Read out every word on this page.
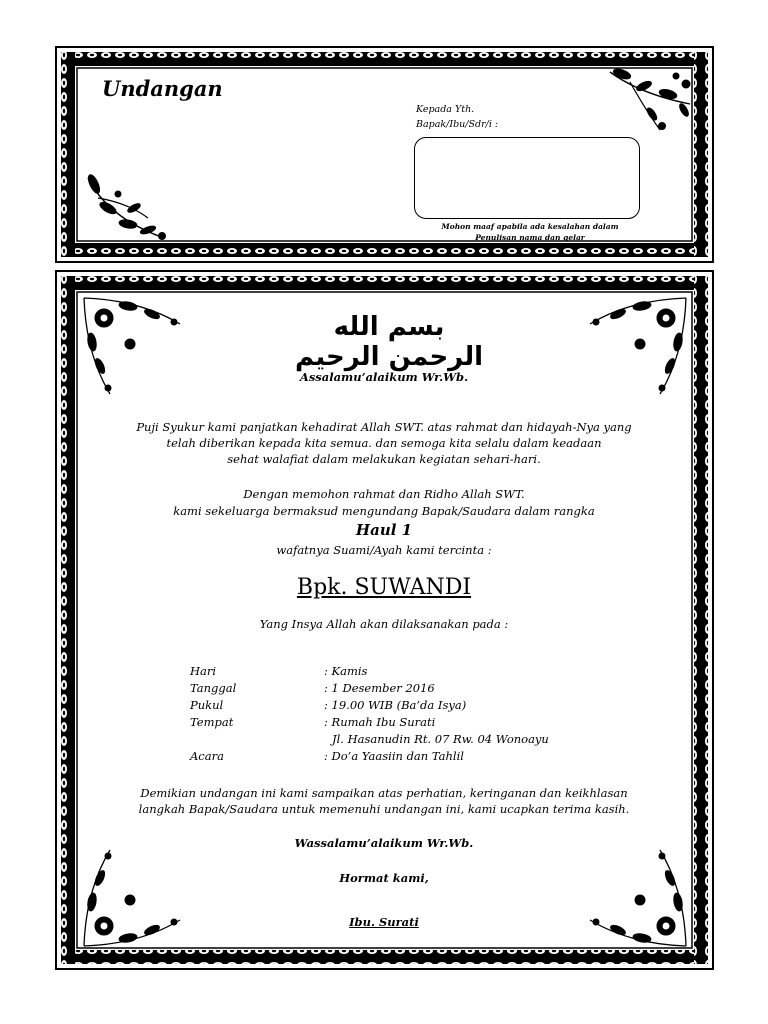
Undangan
Kepada Yth.
Bapak/Ibu/Sdr/i :
Mohon maaf apabila ada kesalahan dalam
Penulisan nama dan gelar
بسم الله الرحمن الرحيم
Assalamu’alaikum Wr.Wb.
Puji Syukur kami panjatkan kehadirat Allah SWT. atas rahmat dan hidayah-Nya yang
telah diberikan kepada kita semua. dan semoga kita selalu dalam keadaan
sehat walafiat dalam melakukan kegiatan sehari-hari.
Dengan memohon rahmat dan Ridho Allah SWT.
kami sekeluarga bermaksud mengundang Bapak/Saudara dalam rangka
Haul 1
wafatnya Suami/Ayah kami tercinta :
Bpk. SUWANDI
Yang Insya Allah akan dilaksanakan pada :
Hari	: Kamis
Tanggal	: 1 Desember 2016
Pukul	: 19.00 WIB (Ba’da Isya)
Tempat	: Rumah Ibu Surati
Jl. Hasanudin Rt. 07 Rw. 04 Wonoayu
Acara	: Do’a Yaasiin dan Tahlil
Demikian undangan ini kami sampaikan atas perhatian, keringanan dan keikhlasan
langkah Bapak/Saudara untuk memenuhi undangan ini, kami ucapkan terima kasih.
Wassalamu’alaikum Wr.Wb.
Hormat kami,
Ibu. Surati
